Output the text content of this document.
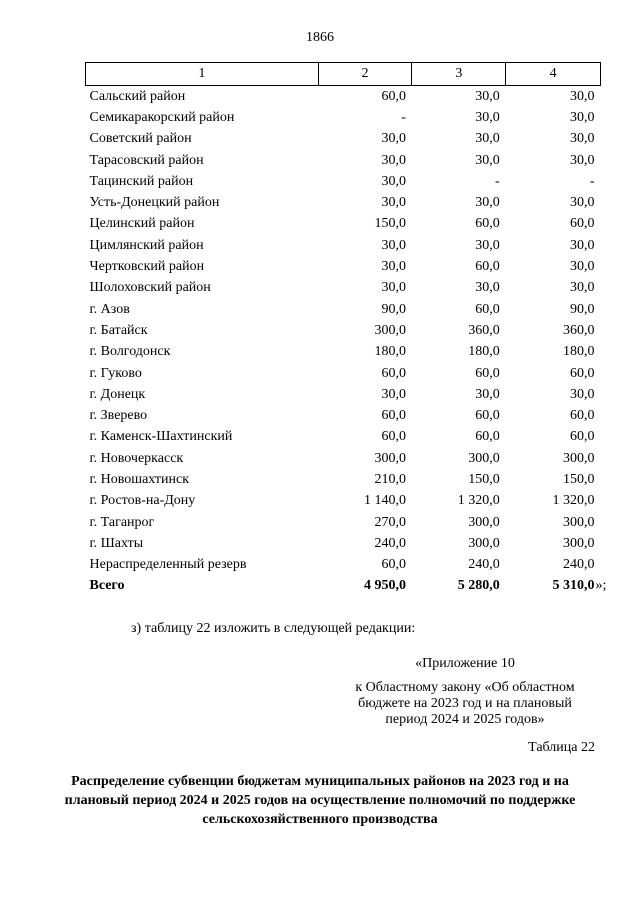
1866
1	2	3	4
Сальский район	60,0	30,0	30,0
Семикаракорский район	-	30,0	30,0
Советский район	30,0	30,0	30,0
Тарасовский район	30,0	30,0	30,0
Тацинский район	30,0	-	-
Усть-Донецкий район	30,0	30,0	30,0
Целинский район	150,0	60,0	60,0
Цимлянский район	30,0	30,0	30,0
Чертковский район	30,0	60,0	30,0
Шолоховский район	30,0	30,0	30,0
г. Азов	90,0	60,0	90,0
г. Батайск	300,0	360,0	360,0
г. Волгодонск	180,0	180,0	180,0
г. Гуково	60,0	60,0	60,0
г. Донецк	30,0	30,0	30,0
г. Зверево	60,0	60,0	60,0
г. Каменск-Шахтинский	60,0	60,0	60,0
г. Новочеркасск	300,0	300,0	300,0
г. Новошахтинск	210,0	150,0	150,0
г. Ростов-на-Дону	1 140,0	1 320,0	1 320,0
г. Таганрог	270,0	300,0	300,0
г. Шахты	240,0	300,0	300,0
Нераспределенный резерв	60,0	240,0	240,0
Всего	4 950,0	5 280,0	5 310,0 »;
з) таблицу 22 изложить в следующей редакции:
«Приложение 10
к Областному закону «Об областном бюджете на 2023 год и на плановый период 2024 и 2025 годов»
Таблица 22
Распределение субвенции бюджетам муниципальных районов на 2023 год и на плановый период 2024 и 2025 годов на осуществление полномочий по поддержке сельскохозяйственного производства
